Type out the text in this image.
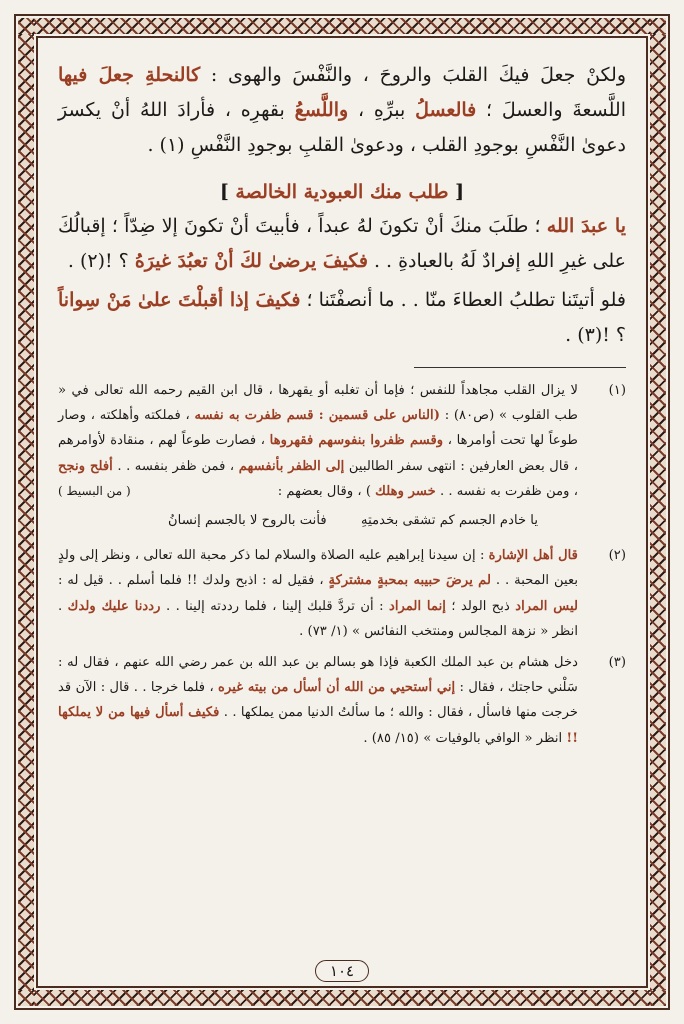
ولكنْ جعلَ فيكَ القلبَ والروحَ ، والنَّفْسَ والهوى : كالنحلةِ جعلَ فيها اللَّسعةَ والعسلَ ؛ فالعسلُ ببرِّهِ ، واللَّسعُ بقهرِه ، فأرادَ اللهُ أنْ يكسرَ دعوىٰ النَّفْسِ بوجودِ القلب ، ودعوىٰ القلبِ بوجودِ النَّفْسِ (١) .

[ طلب منك العبودية الخالصة ]

يا عبدَ الله ؛ طلَبَ منكَ أنْ تكونَ لهُ عبداً ، فأبيتَ أنْ تكونَ إلا ضِدّاً ؛ إقبالُكَ على غيرِ اللهِ إفرادٌ لَهُ بالعبادةِ . . فكيفَ يرضىٰ لكَ أنْ تعبُدَ غيرَهُ ؟ !(٢) .

فلو أتيتَنا تطلبُ العطاءَ منّا . . ما أنصفْتَنا ؛ فكيفَ إذا أقبلْتَ علىٰ مَنْ سِواناً ؟ !(٣) .

(١)
لا يزال القلب مجاهداً للنفس ؛ فإما أن تغلبه أو يقهرها ، قال ابن القيم رحمه الله تعالى في « طب القلوب » (ص٨٠) : (الناس على قسمين : قسم ظفرت به نفسه ، فملكته وأهلكته ، وصار طوعاً لها تحت أوامرها ، وقسم ظفروا بنفوسهم فقهروها ، فصارت طوعاً لهم ، منقادة لأوامرهم ، قال بعض العارفين : انتهى سفر الطالبين إلى الظفر بأنفسهم ، فمن ظفر بنفسه . . أفلح ونجح ، ومن ظفرت به نفسه . . خسر وهلك ) ، وقال بعضهم :
( من البسيط )
يا خادم الجسم كم تشقى بخدمتِهِ
فأنت بالروح لا بالجسم إنسانُ
(٢)
قال أهل الإشارة : إن سيدنا إبراهيم عليه الصلاة والسلام لما ذكر محبة الله تعالى ، ونظر إلى ولدٍ بعين المحبة . . لم يرضَ حبيبه بمحبةٍ مشتركةٍ ، فقيل له : اذبح ولدك !! فلما أسلم . . قيل له : ليس المراد ذبح الولد ؛ إنما المراد : أن تردَّ قلبك إلينا ، فلما رددته إلينا . . رددنا عليك ولدك . انظر « نزهة المجالس ومنتخب النفائس » (١/ ٧٣) .
(٣)
دخل هشام بن عبد الملك الكعبة فإذا هو بسالم بن عبد الله بن عمر رضي الله عنهم ، فقال له : سَلْني حاجتك ، فقال : إني أستحيي من الله أن أسأل من بيته غيره ، فلما خرجا . . قال : الآن قد خرجت منها فاسأل ، فقال : والله ؛ ما سألتُ الدنيا ممن يملكها . . فكيف أسأل فيها من لا يملكها !! انظر « الوافي بالوفيات » (١٥/ ٨٥) .
١٠٤
